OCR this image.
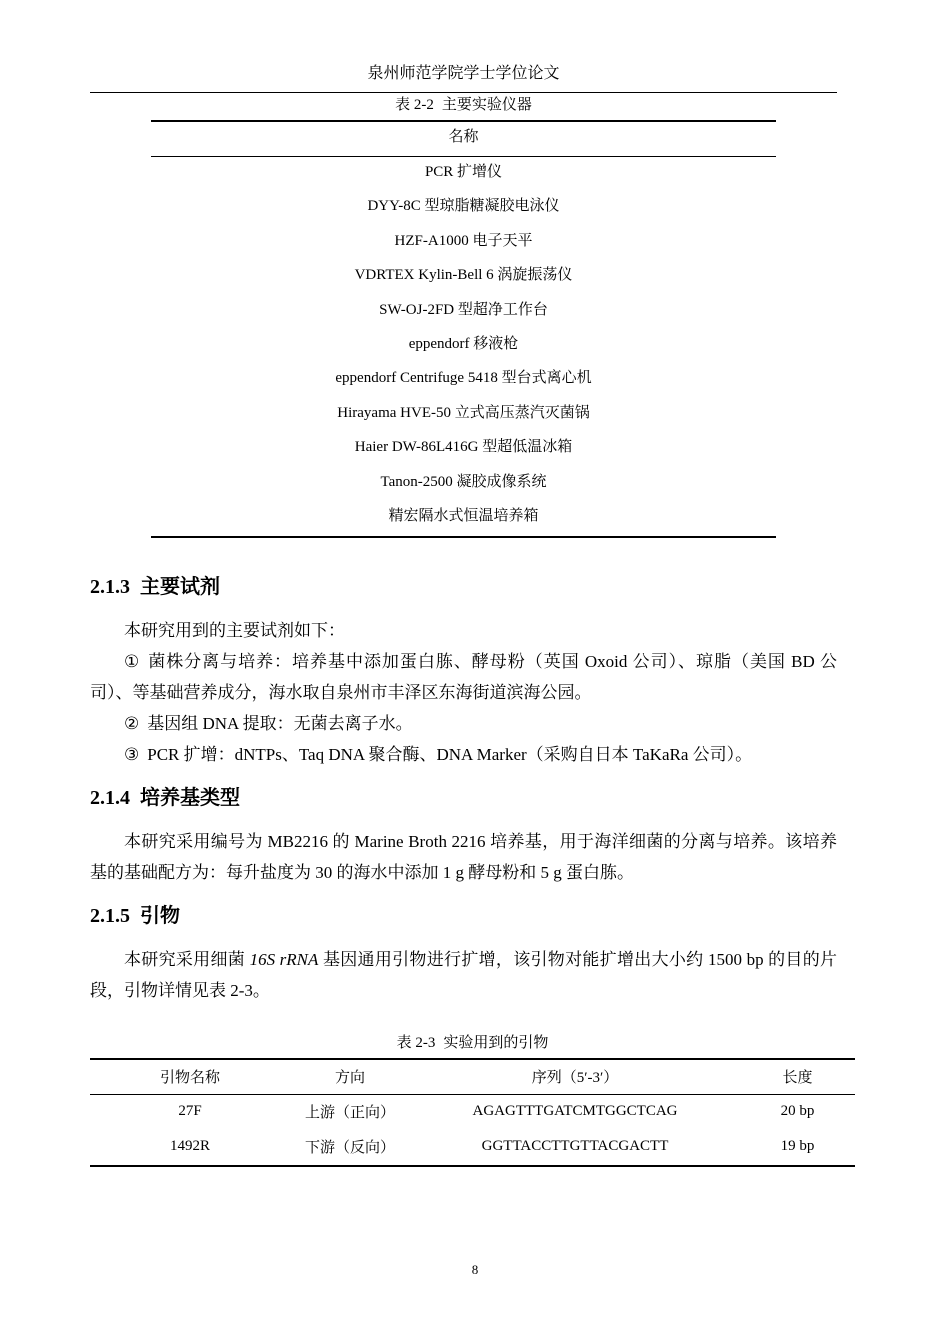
泉州师范学院学士学位论文
表 2-2 主要实验仪器
名称
PCR 扩增仪
DYY-8C 型琼脂糖凝胶电泳仪
HZF-A1000 电子天平
VDRTEX Kylin-Bell 6 涡旋振荡仪
SW-OJ-2FD 型超净工作台
eppendorf 移液枪
eppendorf Centrifuge 5418 型台式离心机
Hirayama HVE-50 立式高压蒸汽灭菌锅
Haier DW-86L416G 型超低温冰箱
Tanon-2500 凝胶成像系统
精宏隔水式恒温培养箱
2.1.3 主要试剂

本研究用到的主要试剂如下：

① 菌株分离与培养：培养基中添加蛋白胨、酵母粉（英国 Oxoid 公司）、琼脂（美国 BD 公司）、等基础营养成分，海水取自泉州市丰泽区东海街道滨海公园。

② 基因组 DNA 提取：无菌去离子水。

③ PCR 扩增：dNTPs、Taq DNA 聚合酶、DNA Marker（采购自日本 TaKaRa 公司）。

2.1.4 培养基类型

本研究采用编号为 MB2216 的 Marine Broth 2216 培养基，用于海洋细菌的分离与培养。该培养基的基础配方为：每升盐度为 30 的海水中添加 1 g 酵母粉和 5 g 蛋白胨。

2.1.5 引物

本研究采用细菌 16S rRNA 基因通用引物进行扩增，该引物对能扩增出大小约 1500 bp 的目的片段，引物详情见表 2-3。

表 2-3 实验用到的引物
引物名称	方向	序列（5′-3′）	长度
27F	上游（正向）	AGAGTTTGATCMTGGCTCAG	20 bp
1492R	下游（反向）	GGTTACCTTGTTACGACTT	19 bp
8
